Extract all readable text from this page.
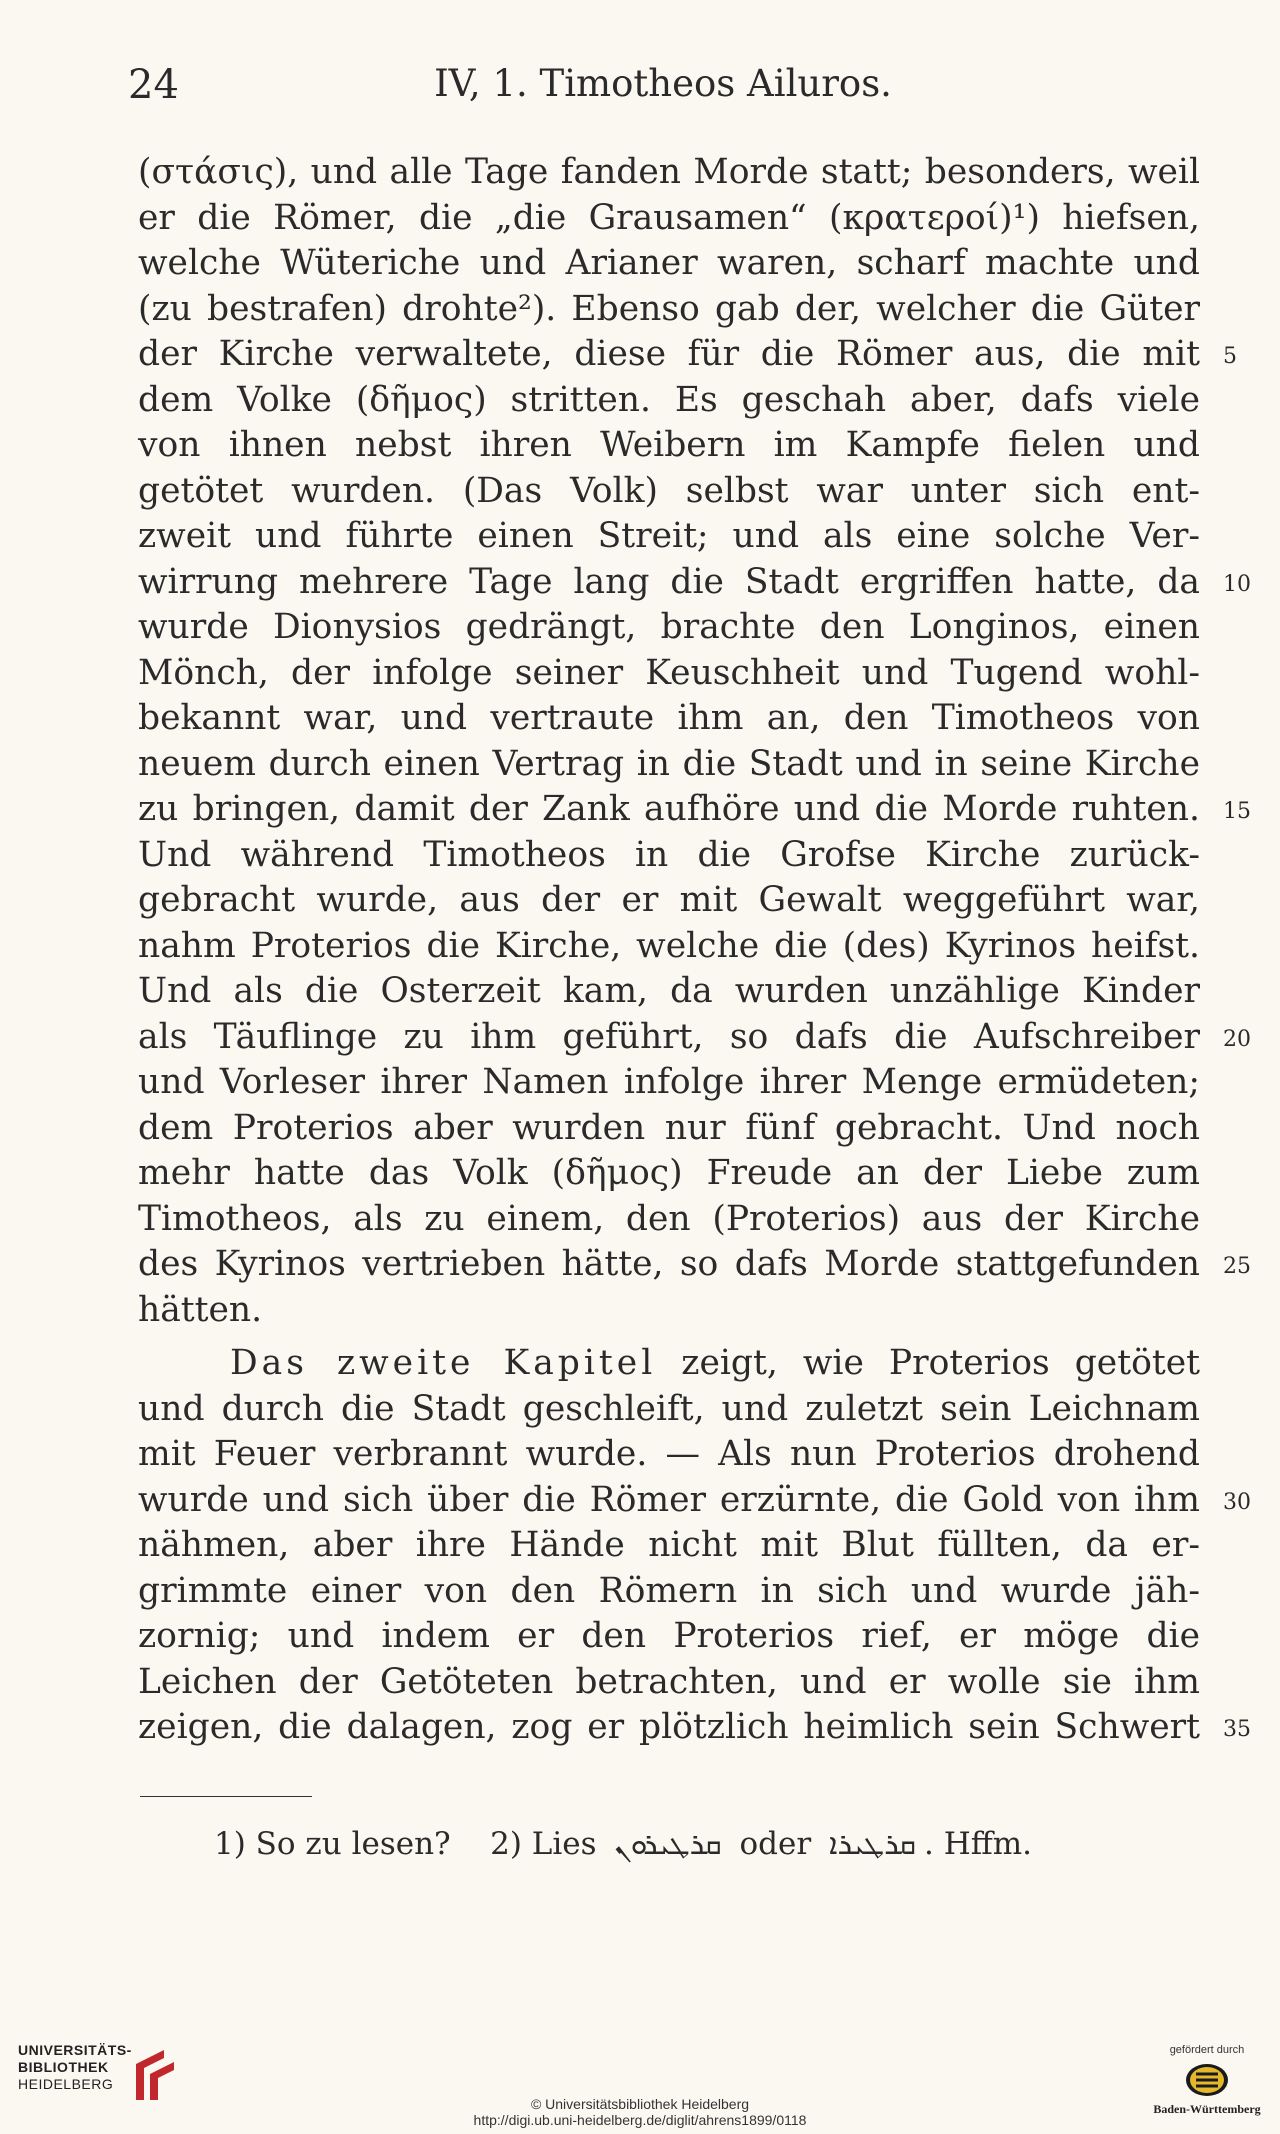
24	IV, 1. Timotheos Ailuros.
(στάσις), und alle Tage fanden Morde statt; besonders, weil
er die Römer, die „die Grausamen“ (κρατεροί)¹) hiefsen,
welche Wüteriche und Arianer waren, scharf machte und
(zu bestrafen) drohte²). Ebenso gab der, welcher die Güter
der Kirche verwaltete, diese für die Römer aus, die mit 5
dem Volke (δῆμος) stritten. Es geschah aber, dafs viele
von ihnen nebst ihren Weibern im Kampfe fielen und
getötet wurden. (Das Volk) selbst war unter sich ent-
zweit und führte einen Streit; und als eine solche Ver-
wirrung mehrere Tage lang die Stadt ergriffen hatte, da 10
wurde Dionysios gedrängt, brachte den Longinos, einen
Mönch, der infolge seiner Keuschheit und Tugend wohl-
bekannt war, und vertraute ihm an, den Timotheos von
neuem durch einen Vertrag in die Stadt und in seine Kirche
zu bringen, damit der Zank aufhöre und die Morde ruhten. 15
Und während Timotheos in die Grofse Kirche zurück-
gebracht wurde, aus der er mit Gewalt weggeführt war,
nahm Proterios die Kirche, welche die (des) Kyrinos heifst.
Und als die Osterzeit kam, da wurden unzählige Kinder
als Täuflinge zu ihm geführt, so dafs die Aufschreiber 20
und Vorleser ihrer Namen infolge ihrer Menge ermüdeten;
dem Proterios aber wurden nur fünf gebracht. Und noch
mehr hatte das Volk (δῆμος) Freude an der Liebe zum
Timotheos, als zu einem, den (Proterios) aus der Kirche
des Kyrinos vertrieben hätte, so dafs Morde stattgefunden 25
hätten.
Das zweite Kapitel zeigt, wie Proterios getötet
und durch die Stadt geschleift, und zuletzt sein Leichnam
mit Feuer verbrannt wurde. — Als nun Proterios drohend
wurde und sich über die Römer erzürnte, die Gold von ihm 30
nähmen, aber ihre Hände nicht mit Blut füllten, da er-
grimmte einer von den Römern in sich und wurde jäh-
zornig; und indem er den Proterios rief, er möge die
Leichen der Getöteten betrachten, und er wolle sie ihm
zeigen, die dalagen, zog er plötzlich heimlich sein Schwert 35
1) So zu lesen? 2) Lies ܩܪܛܝܪܘܢ oder ܩܪܛܝܪܐ . Hffm.
UNIVERSITÄTS-
BIBLIOTHEK
HEIDELBERG
© Universitätsbibliothek Heidelberg
http://digi.ub.uni-heidelberg.de/diglit/ahrens1899/0118
gefördert durch
Baden-Württemberg
